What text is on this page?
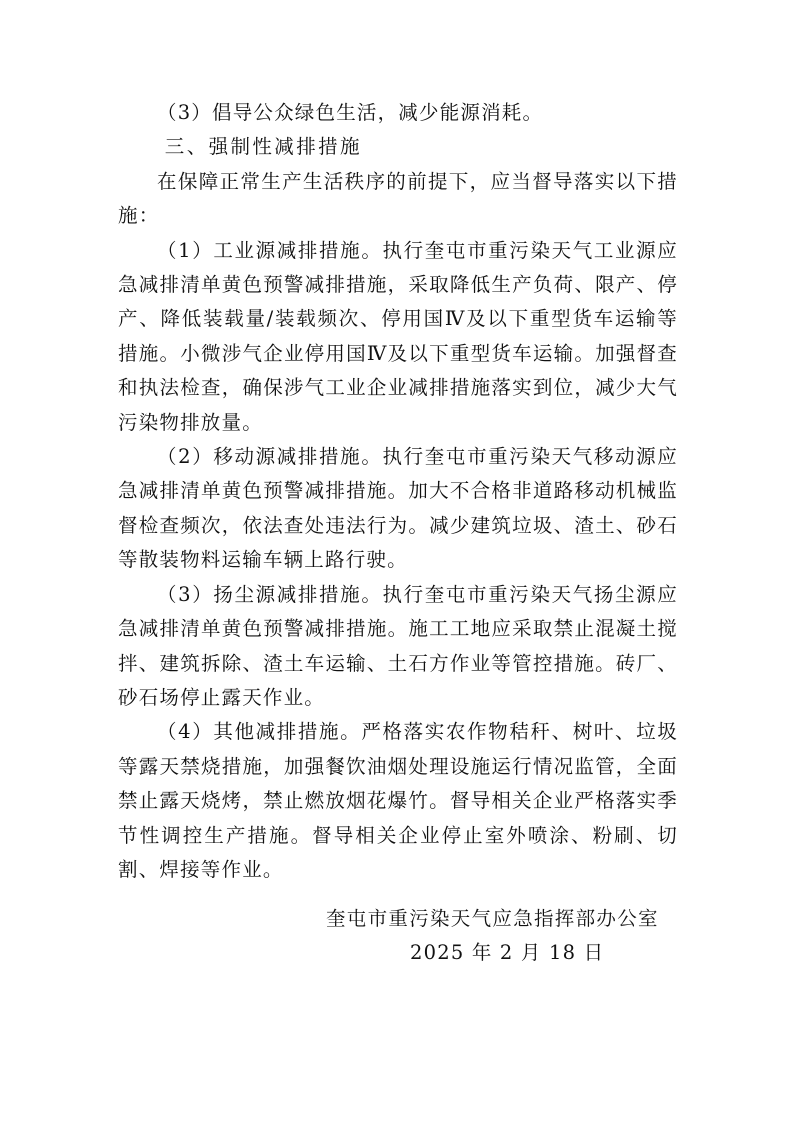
（3）倡导公众绿色生活，减少能源消耗。

三、强制性减排措施

在保障正常生产生活秩序的前提下，应当督导落实以下措施：

（1）工业源减排措施。执行奎屯市重污染天气工业源应急减排清单黄色预警减排措施，采取降低生产负荷、限产、停产、降低装载量/装载频次、停用国Ⅳ及以下重型货车运输等措施。小微涉气企业停用国Ⅳ及以下重型货车运输。加强督查和执法检查，确保涉气工业企业减排措施落实到位，减少大气污染物排放量。

（2）移动源减排措施。执行奎屯市重污染天气移动源应急减排清单黄色预警减排措施。加大不合格非道路移动机械监督检查频次，依法查处违法行为。减少建筑垃圾、渣土、砂石等散装物料运输车辆上路行驶。

（3）扬尘源减排措施。执行奎屯市重污染天气扬尘源应急减排清单黄色预警减排措施。施工工地应采取禁止混凝土搅拌、建筑拆除、渣土车运输、土石方作业等管控措施。砖厂、砂石场停止露天作业。

（4）其他减排措施。严格落实农作物秸秆、树叶、垃圾等露天禁烧措施，加强餐饮油烟处理设施运行情况监管，全面禁止露天烧烤，禁止燃放烟花爆竹。督导相关企业严格落实季节性调控生产措施。督导相关企业停止室外喷涂、粉刷、切割、焊接等作业。

奎屯市重污染天气应急指挥部办公室
2025 年 2 月 18 日
